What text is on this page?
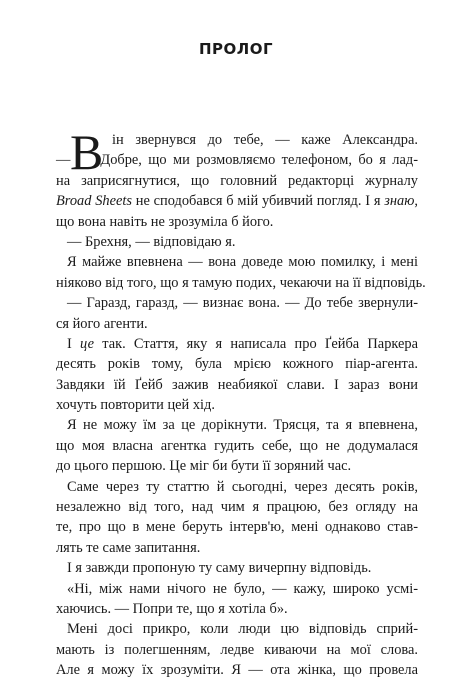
ПРОЛОГ
В ін звернувся до тебе, — каже Александра.
— Добре, що ми розмовляємо телефоном, бо я лад-
на заприсягнутися, що головний редакторці журналу
Broad Sheets не сподобався б мій убивчий погляд. І я знаю,
що вона навіть не зрозуміла б його.
— Брехня, — відповідаю я.
Я майже впевнена — вона доведе мою помилку, і мені
ніяково від того, що я тамую подих, чекаючи на її відповідь.
— Гаразд, гаразд, — визнає вона. — До тебе звернули-
ся його агенти.
І це так. Стаття, яку я написала про Ґейба Паркера
десять років тому, була мрією кожного піар-агента.
Завдяки їй Ґейб зажив неабиякої слави. І зараз вони
хочуть повторити цей хід.
Я не можу їм за це дорікнути. Трясця, та я впевнена,
що моя власна агентка гудить себе, що не додумалася
до цього першою. Це міг би бути її зоряний час.
Саме через ту статтю й сьогодні, через десять років,
незалежно від того, над чим я працюю, без огляду на
те, про що в мене беруть інтерв'ю, мені однаково став-
лять те саме запитання.
І я завжди пропоную ту саму вичерпну відповідь.
«Ні, між нами нічого не було, — кажу, широко усмі-
хаючись. — Попри те, що я хотіла б».
Мені досі прикро, коли люди цю відповідь сприй-
мають із полегшенням, ледве киваючи на мої слова.
Але я можу їх зрозуміти. Я — ота жінка, що провела
